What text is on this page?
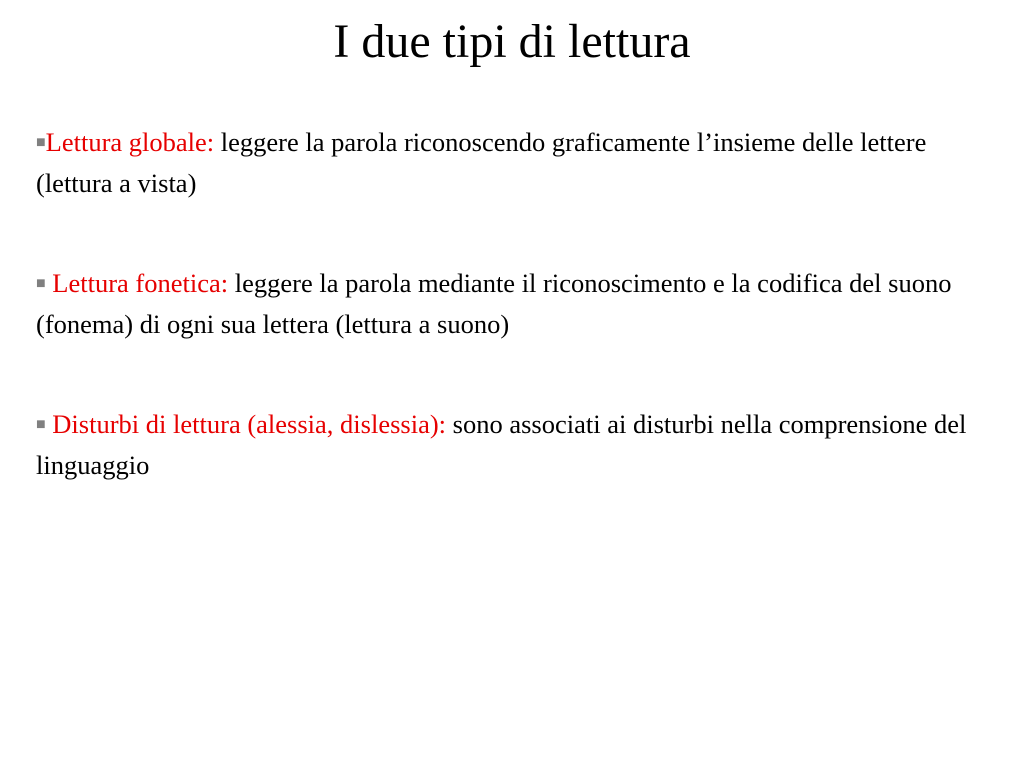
I due tipi di lettura

■Lettura globale: leggere la parola riconoscendo graficamente l’insieme delle lettere (lettura a vista)

■ Lettura fonetica: leggere la parola mediante il riconoscimento e la codifica del suono (fonema) di ogni sua lettera (lettura a suono)

■ Disturbi di lettura (alessia, dislessia): sono associati ai disturbi nella comprensione del linguaggio
